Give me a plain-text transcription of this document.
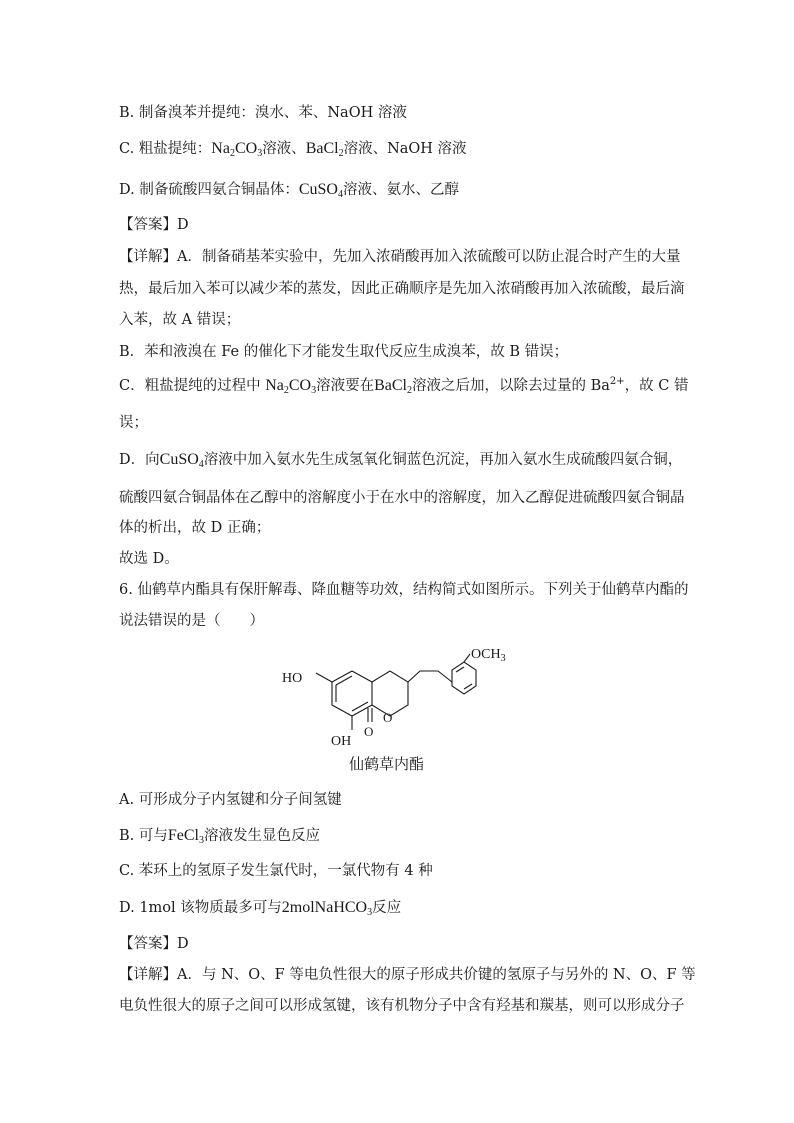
B. 制备溴苯并提纯：溴水、苯、NaOH 溶液
C. 粗盐提纯：$Na_2CO_3$溶液、BaCl$_2$溶液、NaOH 溶液
D. 制备硫酸四氨合铜晶体：CuSO$_4$溶液、氨水、乙醇
【答案】D
【详解】A．制备硝基苯实验中，先加入浓硝酸再加入浓硫酸可以防止混合时产生的大量
热，最后加入苯可以减少苯的蒸发，因此正确顺序是先加入浓硝酸再加入浓硫酸，最后滴
入苯，故 A 错误；
B．苯和液溴在 Fe 的催化下才能发生取代反应生成溴苯，故 B 错误；
C．粗盐提纯的过程中 $Na_2CO_3$溶液要在BaCl$_2$溶液之后加，以除去过量的 $Ba^{2+}$，故 C 错
误；
D．向CuSO$_4$溶液中加入氨水先生成氢氧化铜蓝色沉淀，再加入氨水生成硫酸四氨合铜，
硫酸四氨合铜晶体在乙醇中的溶解度小于在水中的溶解度，加入乙醇促进硫酸四氨合铜晶
体的析出，故 D 正确；
故选 D。
6. 仙鹤草内酯具有保肝解毒、降血糖等功效，结构简式如图所示。下列关于仙鹤草内酯的
说法错误的是（　　）
HO
OH
O
O
$OCH_3$
仙鹤草内酯
A. 可形成分子内氢键和分子间氢键
B. 可与FeCl$_3$溶液发生显色反应
C. 苯环上的氢原子发生氯代时，一氯代物有 4 种
D. 1mol 该物质最多可与2molNaHCO$_3$反应
【答案】D
【详解】A．与 N、O、F 等电负性很大的原子形成共价键的氢原子与另外的 N、O、F 等
电负性很大的原子之间可以形成氢键，该有机物分子中含有羟基和羰基，则可以形成分子
